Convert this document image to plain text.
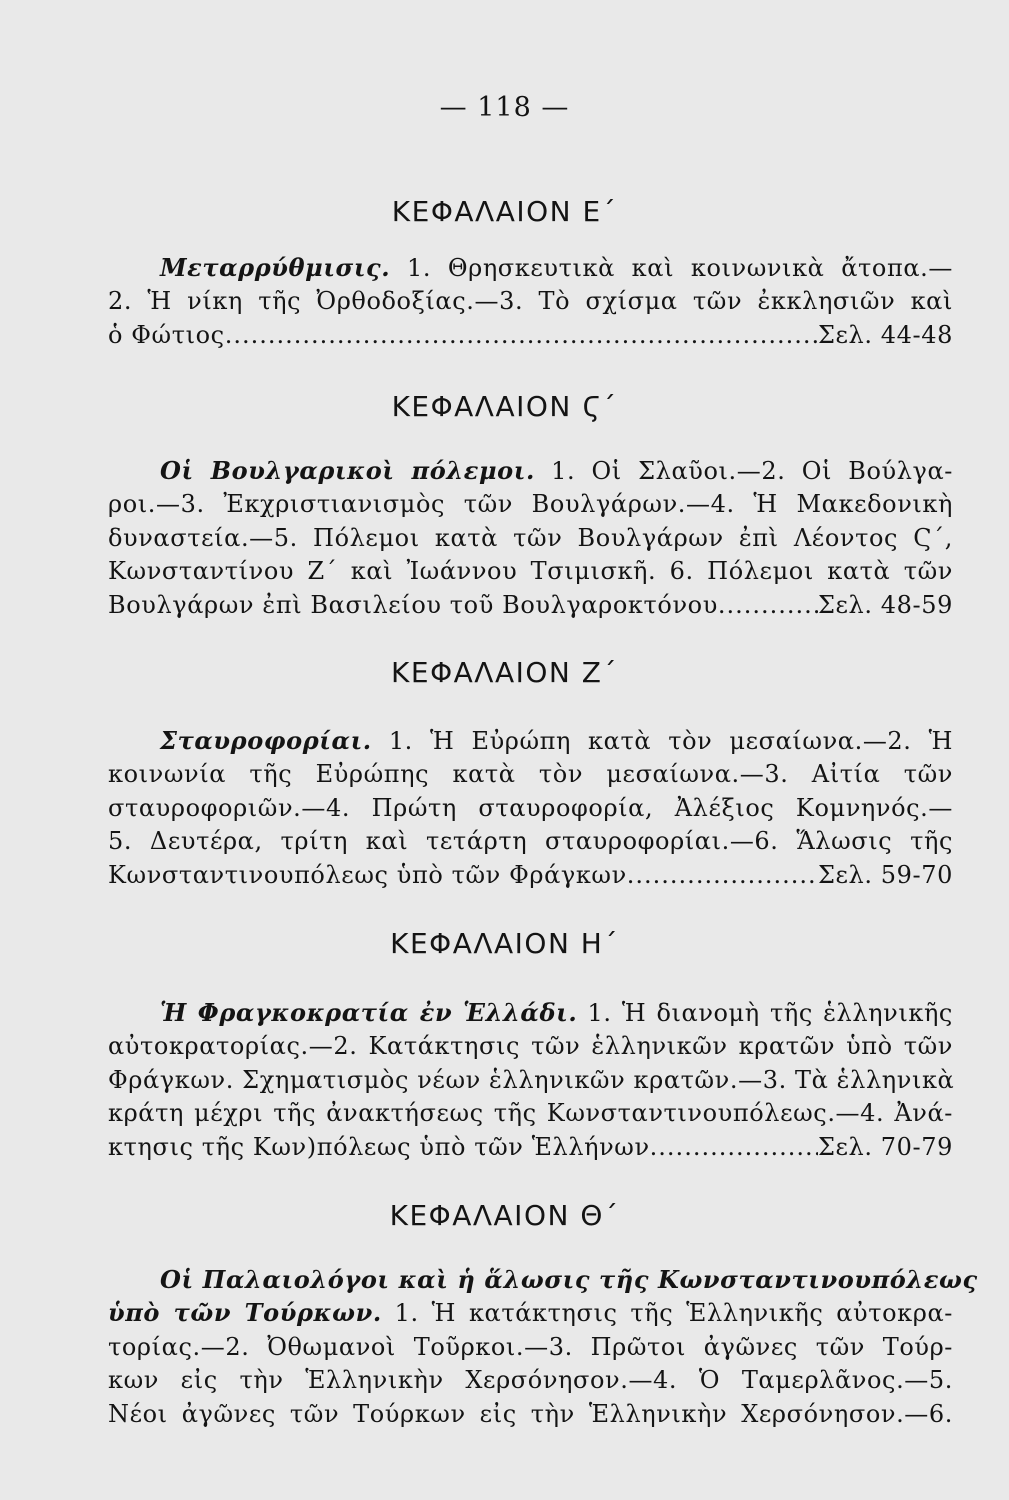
— 118 —
ΚΕΦΑΛΑΙΟΝ Ε΄
Μεταρρύθμισις. 1. Θρησκευτικὰ καὶ κοινωνικὰ ἄτοπα.—
2. Ἡ νίκη τῆς Ὀρθοδοξίας.—3. Τὸ σχίσμα τῶν ἐκκλησιῶν καὶ
ὁ Φώτιος .....	Σελ. 44-48
ΚΕΦΑΛΑΙΟΝ Ϛ΄
Οἱ Βουλγαρικοὶ πόλεμοι. 1. Οἱ Σλαῦοι.—2. Οἱ Βούλγα-
ροι.—3. Ἐκχριστιανισμὸς τῶν Βουλγάρων.—4. Ἡ Μακεδονικὴ
δυναστεία.—5. Πόλεμοι κατὰ τῶν Βουλγάρων ἐπὶ Λέοντος Ϛ΄,
Κωνσταντίνου Ζ΄ καὶ Ἰωάννου Τσιμισκῆ. 6. Πόλεμοι κατὰ τῶν
Βουλγάρων ἐπὶ Βασιλείου τοῦ Βουλγαροκτόνου .....	Σελ. 48-59
ΚΕΦΑΛΑΙΟΝ Ζ΄
Σταυροφορίαι. 1. Ἡ Εὐρώπη κατὰ τὸν μεσαίωνα.—2. Ἡ
κοινωνία τῆς Εὐρώπης κατὰ τὸν μεσαίωνα.—3. Αἰτία τῶν
σταυροφοριῶν.—4. Πρώτη σταυροφορία, Ἀλέξιος Κομνηνός.—
5. Δευτέρα, τρίτη καὶ τετάρτη σταυροφορίαι.—6. Ἅλωσις τῆς
Κωνσταντινουπόλεως ὑπὸ τῶν Φράγκων .....	Σελ. 59-70
ΚΕΦΑΛΑΙΟΝ Η΄
Ἡ Φραγκοκρατία ἐν Ἑλλάδι. 1. Ἡ διανομὴ τῆς ἑλληνικῆς
αὐτοκρατορίας.—2. Κατάκτησις τῶν ἑλληνικῶν κρατῶν ὑπὸ τῶν
Φράγκων. Σχηματισμὸς νέων ἑλληνικῶν κρατῶν.—3. Τὰ ἑλληνικὰ
κράτη μέχρι τῆς ἀνακτήσεως τῆς Κωνσταντινουπόλεως.—4. Ἀνά-
κτησις τῆς Κων)πόλεως ὑπὸ τῶν Ἑλλήνων .....	Σελ. 70-79
ΚΕΦΑΛΑΙΟΝ Θ΄
Οἱ Παλαιολόγοι καὶ ἡ ἅλωσις τῆς Κωνσταντινουπόλεως
ὑπὸ τῶν Τούρκων. 1. Ἡ κατάκτησις τῆς Ἑλληνικῆς αὐτοκρα-
τορίας.—2. Ὀθωμανοὶ Τοῦρκοι.—3. Πρῶτοι ἀγῶνες τῶν Τούρ-
κων εἰς τὴν Ἑλληνικὴν Χερσόνησον.—4. Ὁ Ταμερλᾶνος.—5.
Νέοι ἀγῶνες τῶν Τούρκων εἰς τὴν Ἑλληνικὴν Χερσόνησον.—6.
